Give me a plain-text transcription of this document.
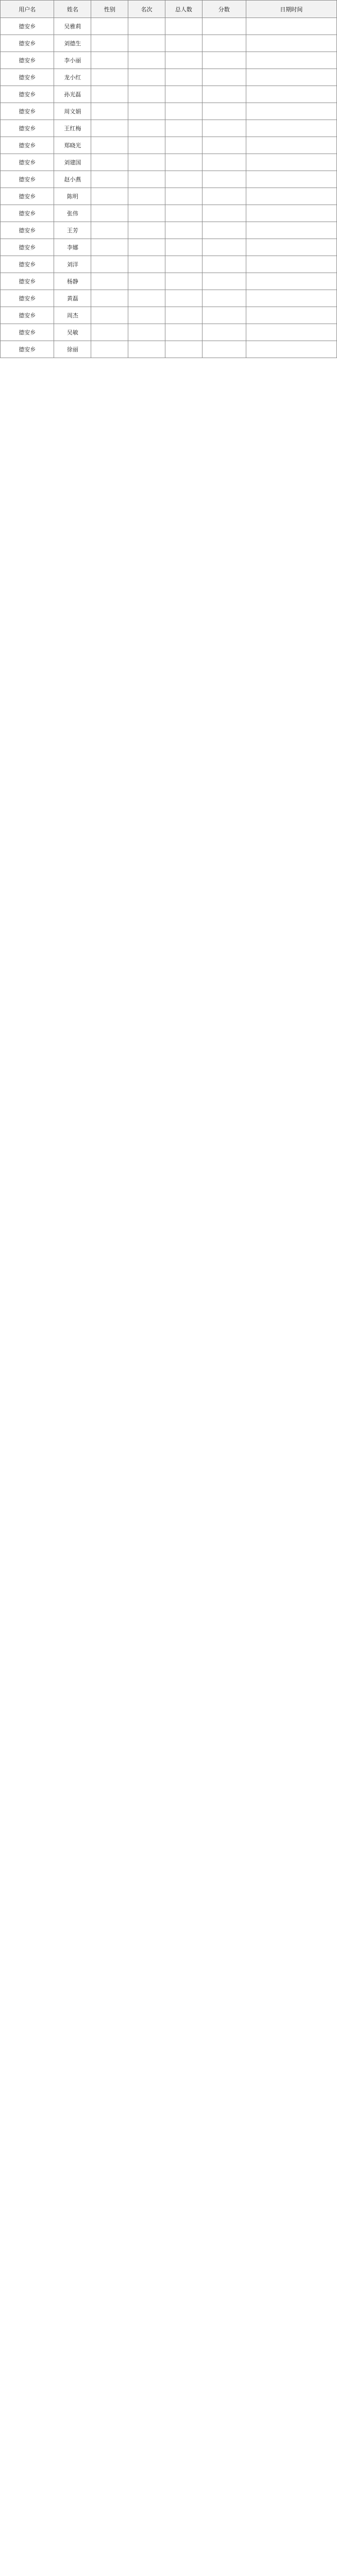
用户名	姓名	性别	名次	总人数	分数	日期时间
德安乡	吴雅莉					
德安乡	刘德生					
德安乡	李小丽					
德安乡	龙小红					
德安乡	孙光磊					
德安乡	周文娟					
德安乡	王红梅					
德安乡	郑晓光					
德安乡	刘建国					
德安乡	赵小燕					
德安乡	陈明					
德安乡	张伟					
德安乡	王芳					
德安乡	李娜					
德安乡	刘洋					
德安乡	杨静					
德安乡	黄磊					
德安乡	周杰					
德安乡	吴敏					
德安乡	徐丽					
